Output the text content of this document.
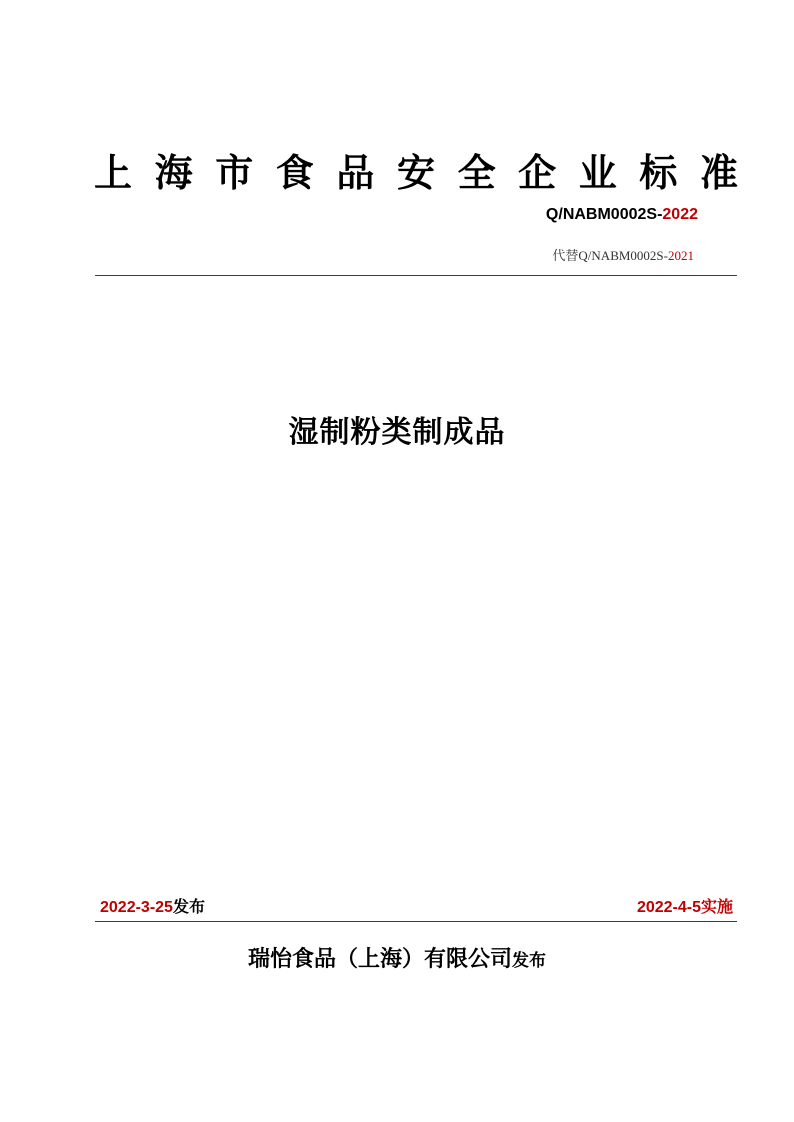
上 海 市 食 品 安 全 企 业 标 准
Q/NABM0002S-2022
代替Q/NABM0002S-2021
湿制粉类制成品
2022-3-25发布	2022-4-5实施
瑞怡食品（上海）有限公司发布
